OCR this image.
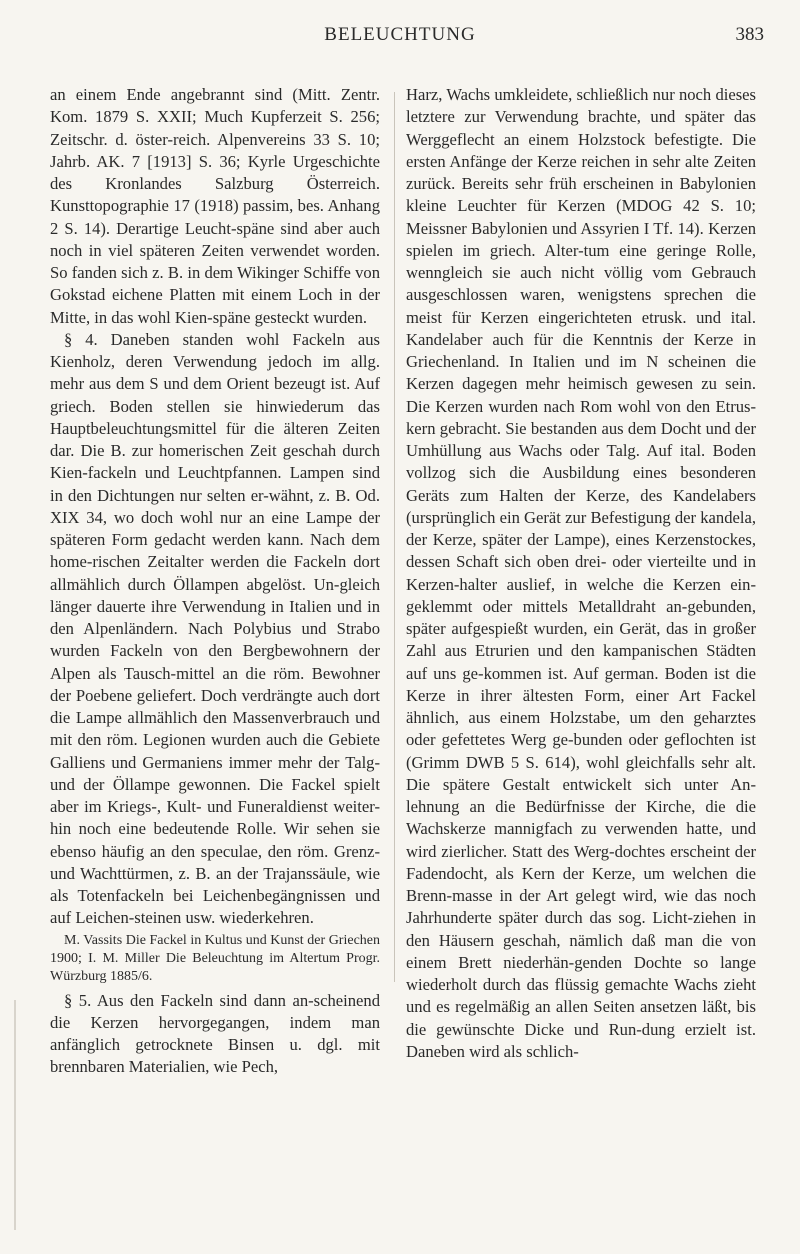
BELEUCHTUNG	383

an einem Ende angebrannt sind (Mitt. Zentr. Kom. 1879 S. XXII; Much Kupferzeit S. 256; Zeitschr. d. öster-reich. Alpenvereins 33 S. 10; Jahrb. AK. 7 [1913] S. 36; Kyrle Urgeschichte des Kronlandes Salzburg Österreich. Kunsttopographie 17 (1918) passim, bes. Anhang 2 S. 14). Derartige Leucht-späne sind aber auch noch in viel späteren Zeiten verwendet worden. So fanden sich z. B. in dem Wikinger Schiffe von Gokstad eichene Platten mit einem Loch in der Mitte, in das wohl Kien-späne gesteckt wurden.

§ 4. Daneben standen wohl Fackeln aus Kienholz, deren Verwendung jedoch im allg. mehr aus dem S und dem Orient bezeugt ist. Auf griech. Boden stellen sie hinwiederum das Hauptbeleuchtungsmittel für die älteren Zeiten dar. Die B. zur homerischen Zeit geschah durch Kien-fackeln und Leuchtpfannen. Lampen sind in den Dichtungen nur selten er-wähnt, z. B. Od. XIX 34, wo doch wohl nur an eine Lampe der späteren Form gedacht werden kann. Nach dem home-rischen Zeitalter werden die Fackeln dort allmählich durch Öllampen abgelöst. Un-gleich länger dauerte ihre Verwendung in Italien und in den Alpenländern. Nach Polybius und Strabo wurden Fackeln von den Bergbewohnern der Alpen als Tausch-mittel an die röm. Bewohner der Poebene geliefert. Doch verdrängte auch dort die Lampe allmählich den Massenverbrauch und mit den röm. Legionen wurden auch die Gebiete Galliens und Germaniens immer mehr der Talg- und der Öllampe gewonnen. Die Fackel spielt aber im Kriegs-, Kult- und Funeraldienst weiter-hin noch eine bedeutende Rolle. Wir sehen sie ebenso häufig an den speculae, den röm. Grenz- und Wachttürmen, z. B. an der Trajanssäule, wie als Totenfackeln bei Leichenbegängnissen und auf Leichen-steinen usw. wiederkehren.

M. Vassits Die Fackel in Kultus und Kunst der Griechen 1900; I. M. Miller Die Beleuchtung im Altertum Progr. Würzburg 1885/6.

§ 5. Aus den Fackeln sind dann an-scheinend die Kerzen hervorgegangen, indem man anfänglich getrocknete Binsen u. dgl. mit brennbaren Materialien, wie Pech,

Harz, Wachs umkleidete, schließlich nur noch dieses letztere zur Verwendung brachte, und später das Werggeflecht an einem Holzstock befestigte. Die ersten Anfänge der Kerze reichen in sehr alte Zeiten zurück. Bereits sehr früh erscheinen in Babylonien kleine Leuchter für Kerzen (MDOG 42 S. 10; Meissner Babylonien und Assyrien I Tf. 14). Kerzen spielen im griech. Alter-tum eine geringe Rolle, wenngleich sie auch nicht völlig vom Gebrauch ausgeschlossen waren, wenigstens sprechen die meist für Kerzen eingerichteten etrusk. und ital. Kandelaber auch für die Kenntnis der Kerze in Griechenland. In Italien und im N scheinen die Kerzen dagegen mehr heimisch gewesen zu sein. Die Kerzen wurden nach Rom wohl von den Etrus-kern gebracht. Sie bestanden aus dem Docht und der Umhüllung aus Wachs oder Talg. Auf ital. Boden vollzog sich die Ausbildung eines besonderen Geräts zum Halten der Kerze, des Kandelabers (ursprünglich ein Gerät zur Befestigung der kandela, der Kerze, später der Lampe), eines Kerzenstockes, dessen Schaft sich oben drei- oder vierteilte und in Kerzen-halter auslief, in welche die Kerzen ein-geklemmt oder mittels Metalldraht an-gebunden, später aufgespießt wurden, ein Gerät, das in großer Zahl aus Etrurien und den kampanischen Städten auf uns ge-kommen ist. Auf german. Boden ist die Kerze in ihrer ältesten Form, einer Art Fackel ähnlich, aus einem Holzstabe, um den geharztes oder gefettetes Werg ge-bunden oder geflochten ist (Grimm DWB 5 S. 614), wohl gleichfalls sehr alt. Die spätere Gestalt entwickelt sich unter An-lehnung an die Bedürfnisse der Kirche, die die Wachskerze mannigfach zu verwenden hatte, und wird zierlicher. Statt des Werg-dochtes erscheint der Fadendocht, als Kern der Kerze, um welchen die Brenn-masse in der Art gelegt wird, wie das noch Jahrhunderte später durch das sog. Licht-ziehen in den Häusern geschah, nämlich daß man die von einem Brett niederhän-genden Dochte so lange wiederholt durch das flüssig gemachte Wachs zieht und es regelmäßig an allen Seiten ansetzen läßt, bis die gewünschte Dicke und Run-dung erzielt ist. Daneben wird als schlich-
